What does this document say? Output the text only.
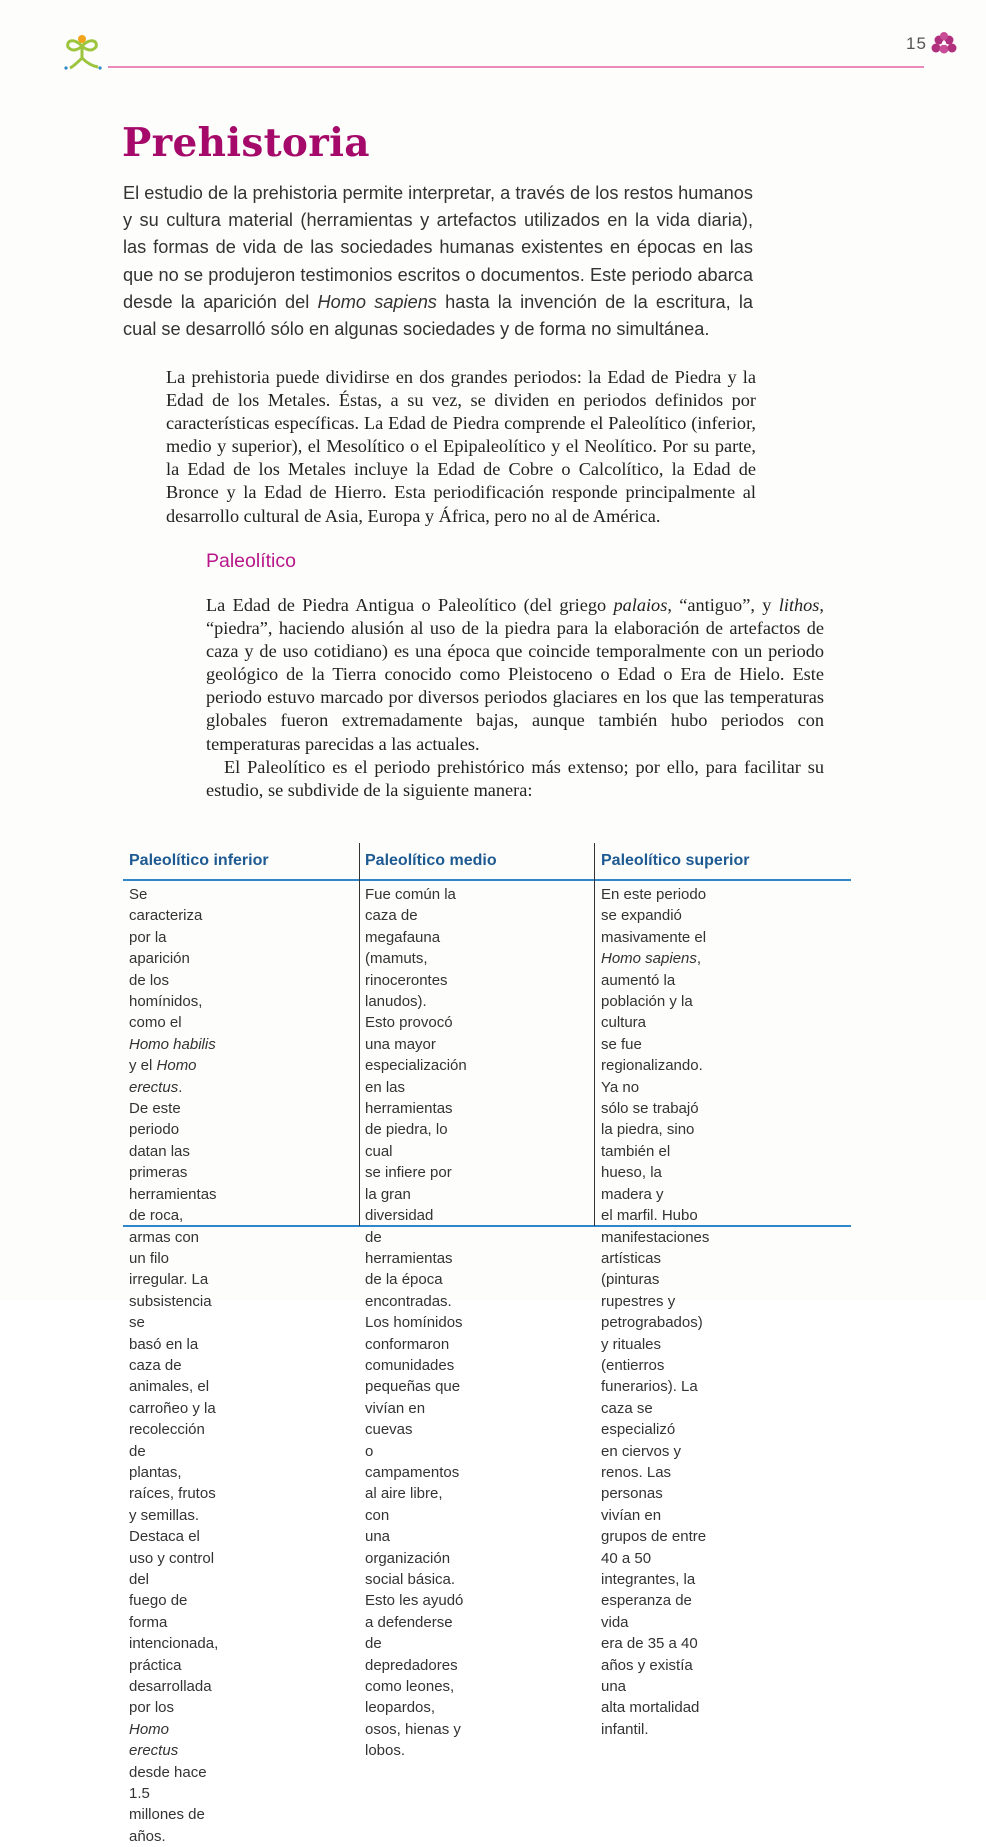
15
Prehistoria

El estudio de la prehistoria permite interpretar, a través de los restos humanos y su cultura material (herramientas y artefactos utilizados en la vida diaria), las formas de vida de las sociedades humanas existentes en épocas en las que no se produjeron testimonios escritos o documentos. Este periodo abarca desde la aparición del Homo sapiens hasta la invención de la escritura, la cual se desarrolló sólo en algunas sociedades y de forma no simultánea.

La prehistoria puede dividirse en dos grandes periodos: la Edad de Piedra y la Edad de los Metales. Éstas, a su vez, se dividen en periodos definidos por características específicas. La Edad de Piedra comprende el Paleolítico (inferior, medio y superior), el Mesolítico o el Epipaleolítico y el Neolítico. Por su parte, la Edad de los Metales incluye la Edad de Cobre o Calcolítico, la Edad de Bronce y la Edad de Hierro. Esta periodificación responde principalmente al desarrollo cultural de Asia, Europa y África, pero no al de América.

Paleolítico

La Edad de Piedra Antigua o Paleolítico (del griego palaios, “antiguo”, y lithos, “piedra”, haciendo alusión al uso de la piedra para la elaboración de artefactos de caza y de uso cotidiano) es una época que coincide temporalmente con un periodo geológico de la Tierra conocido como Pleistoceno o Edad o Era de Hielo. Este periodo estuvo marcado por diversos periodos glaciares en los que las temperaturas globales fueron extremadamente bajas, aunque también hubo periodos con temperaturas parecidas a las actuales.

El Paleolítico es el periodo prehistórico más extenso; por ello, para facilitar su estudio, se subdivide de la siguiente manera:

Paleolítico inferior
Se caracteriza por la aparición
de los homínidos, como el
Homo habilis y el Homo erectus.
De este periodo datan las
primeras herramientas
de roca, armas con un filo
irregular. La subsistencia se
basó en la caza de animales, el
carroñeo y la recolección de
plantas, raíces, frutos y semillas.
Destaca el uso y control del
fuego de forma intencionada,
práctica desarrollada por los
Homo erectus desde hace 1.5
millones de años.
Paleolítico medio
Fue común la caza de
megafauna (mamuts,
rinocerontes lanudos).
Esto provocó una mayor
especialización en las
herramientas de piedra, lo cual
se infiere por la gran diversidad
de herramientas de la época
encontradas. Los homínidos
conformaron comunidades
pequeñas que vivían en cuevas
o campamentos al aire libre, con
una organización social básica.
Esto les ayudó a defenderse
de depredadores como leones,
leopardos, osos, hienas y lobos.
Paleolítico superior
En este periodo se expandió
masivamente el Homo sapiens,
aumentó la población y la cultura
se fue regionalizando. Ya no
sólo se trabajó la piedra, sino
también el hueso, la madera y
el marfil. Hubo manifestaciones
artísticas (pinturas rupestres y
petrograbados) y rituales (entierros
funerarios). La caza se especializó
en ciervos y renos. Las personas
vivían en grupos de entre 40 a 50
integrantes, la esperanza de vida
era de 35 a 40 años y existía una
alta mortalidad infantil.
